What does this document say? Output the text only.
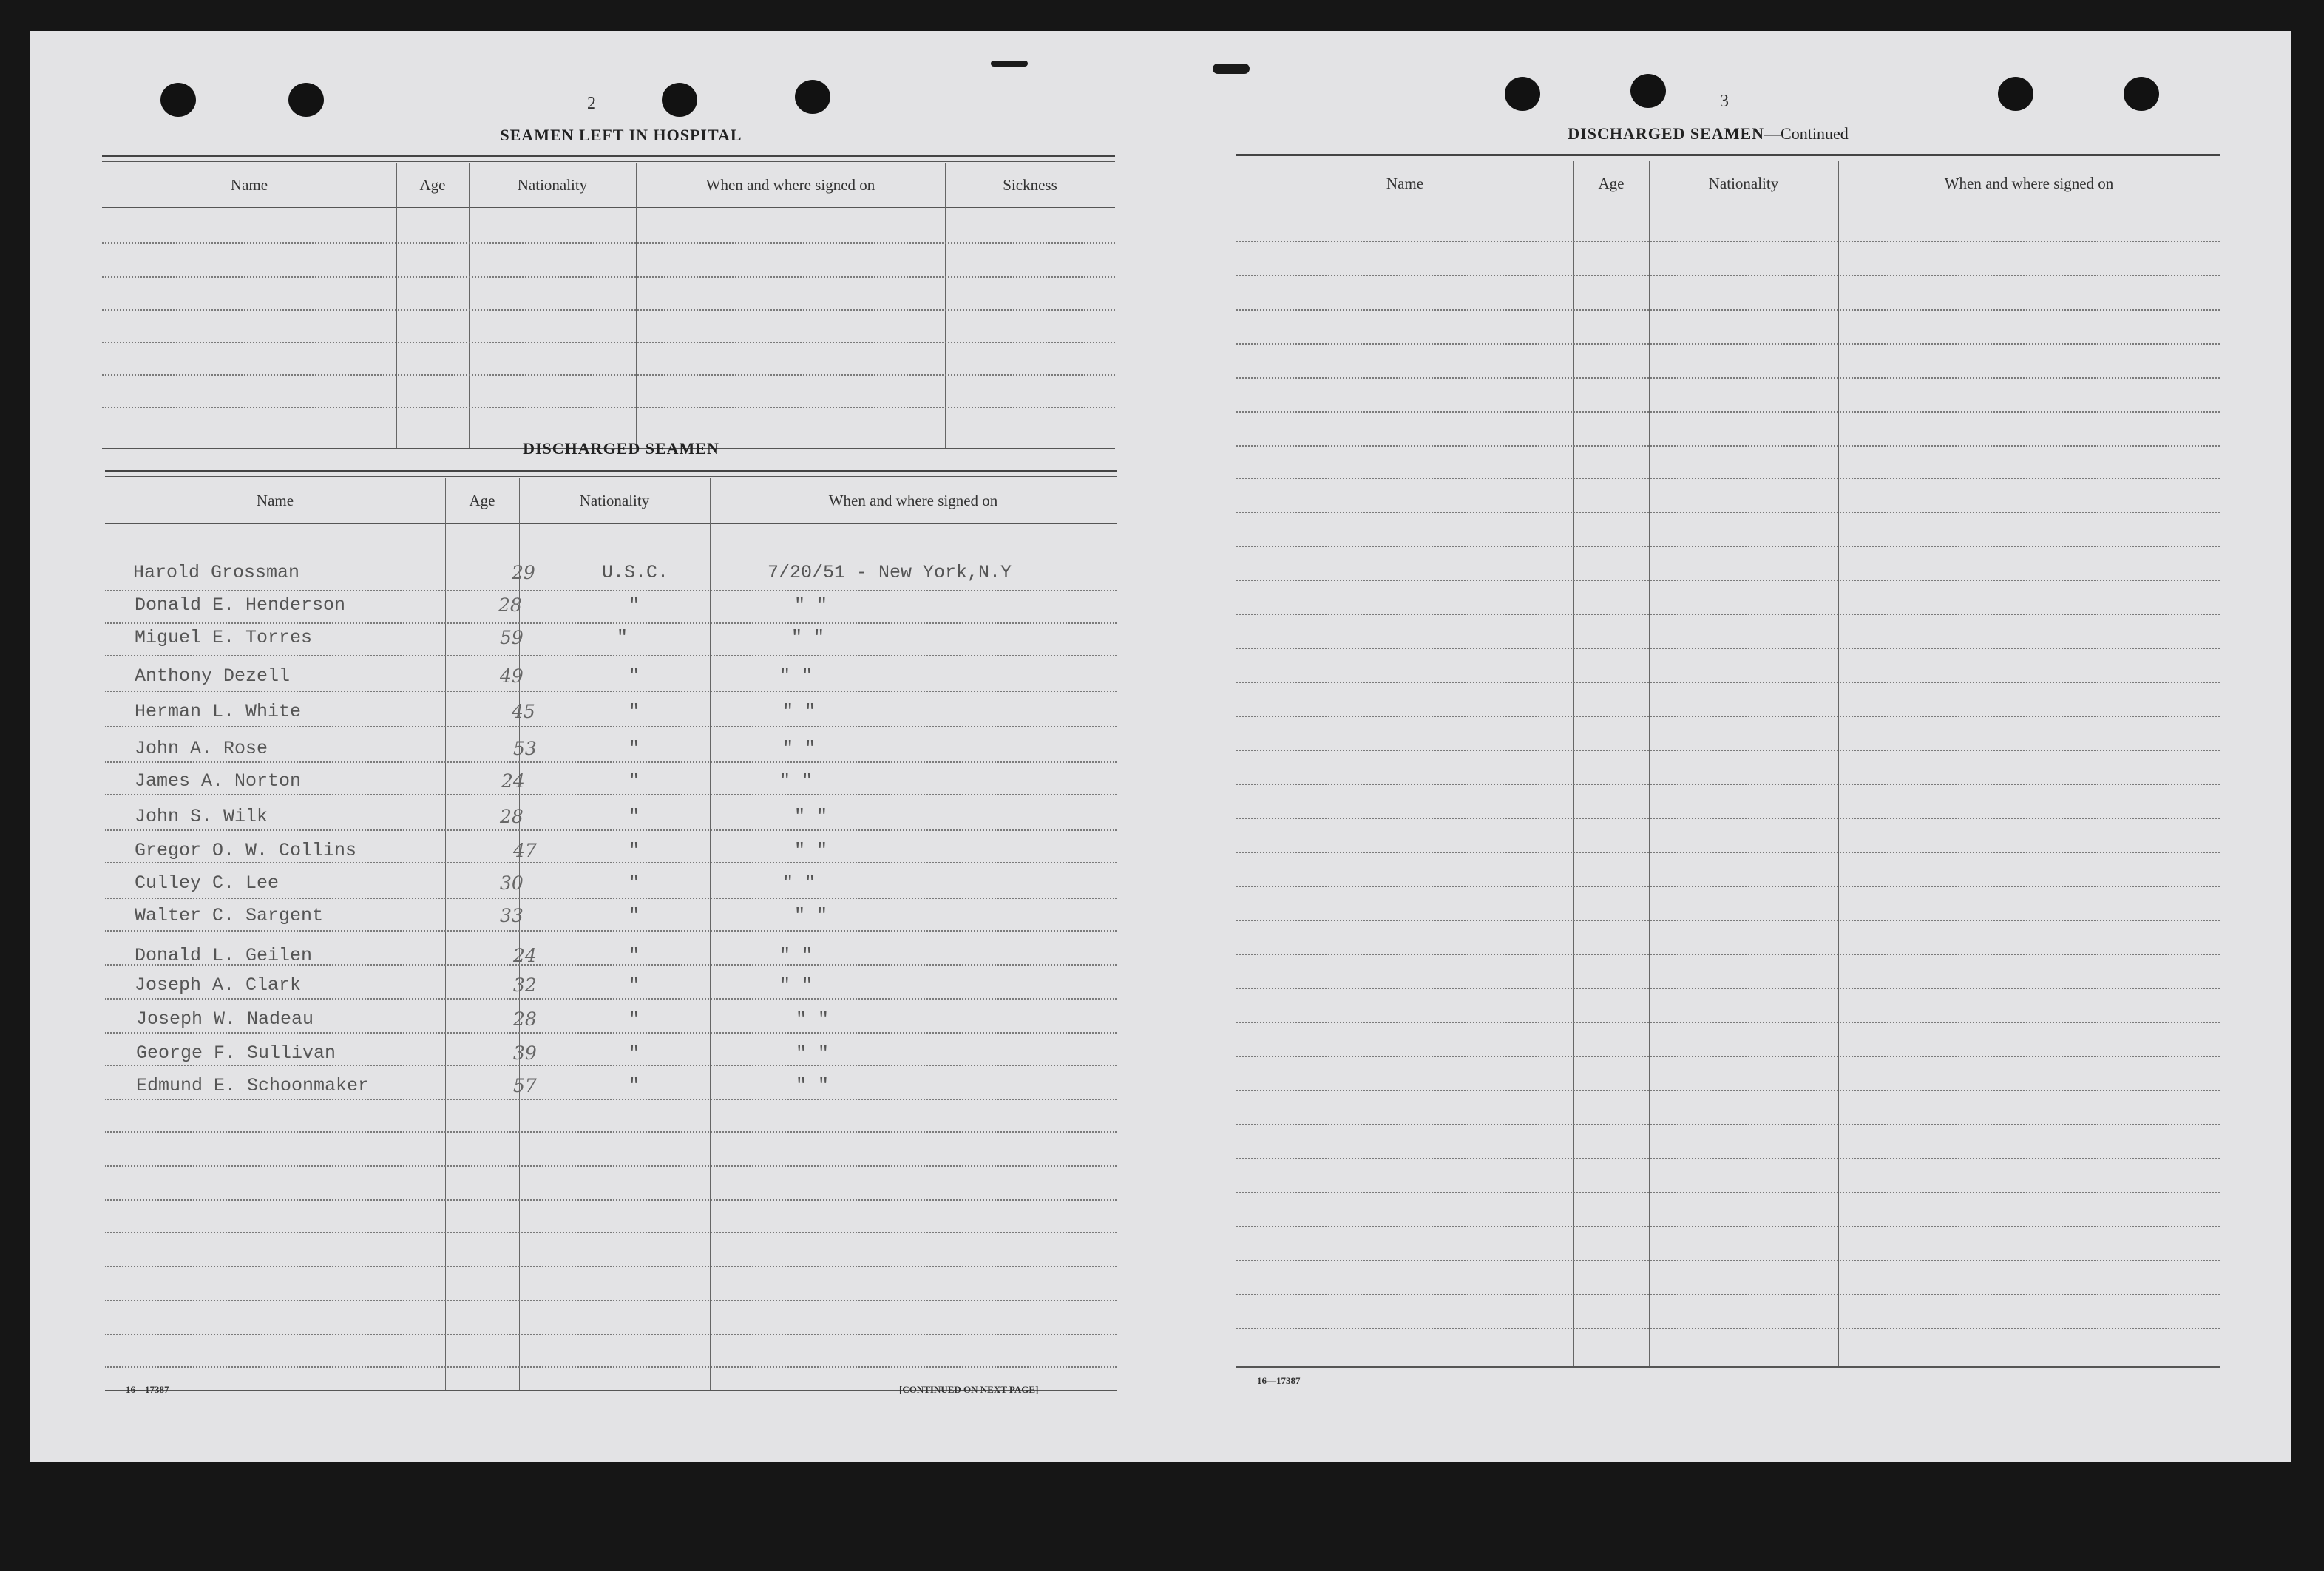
2	3
SEAMEN LEFT IN HOSPITAL
Name	Age	Nationality	When and where signed on	Sickness
DISCHARGED SEAMEN
Name	Age	Nationality	When and where signed on
Harold Grossman	29	U.S.C.	7/20/51 - New York,N.Y
Donald E. Henderson	28	"	" "
Miguel E. Torres	59	"	" "
Anthony Dezell	49	"	" "
Herman L. White	45	"	" "
John A. Rose	53	"	" "
James A. Norton	24	"	" "
John S. Wilk	28	"	" "
Gregor O. W. Collins	47	"	" "
Culley C. Lee	30	"	" "
Walter C. Sargent	33	"	" "
Donald L. Geilen	24	"	" "
Joseph A. Clark	32	"	" "
Joseph W. Nadeau	28	"	" "
George F. Sullivan	39	"	" "
Edmund E. Schoonmaker	57	"	" "
16—17387	[CONTINUED ON NEXT PAGE]
DISCHARGED SEAMEN—Continued
Name	Age	Nationality	When and where signed on
16—17387
